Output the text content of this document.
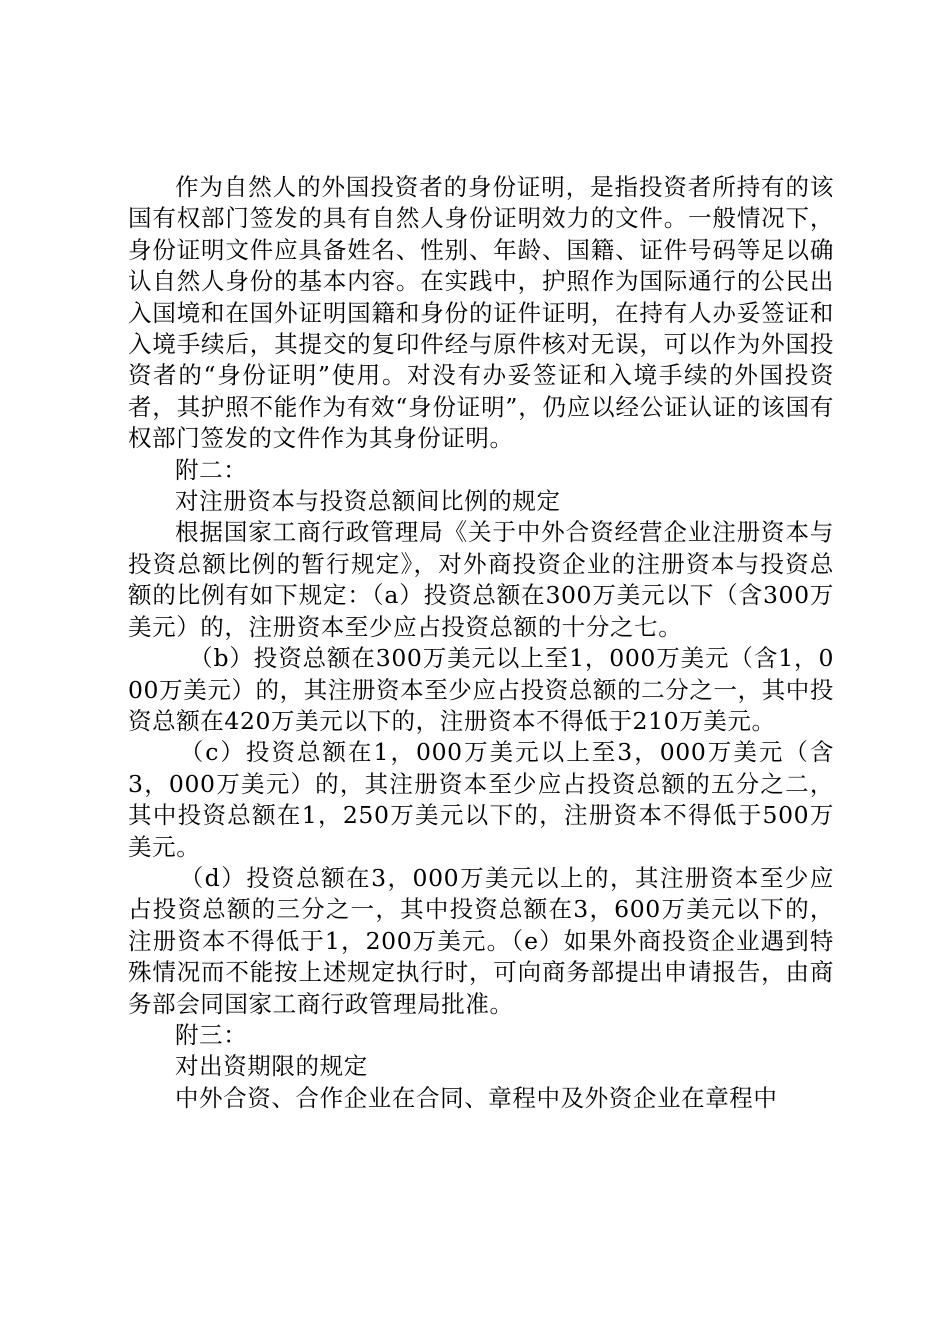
作为自然人的外国投资者的身份证明，是指投资者所持有的该国有权部门签发的具有自然人身份证明效力的文件。一般情况下，身份证明文件应具备姓名、性别、年龄、国籍、证件号码等足以确认自然人身份的基本内容。在实践中，护照作为国际通行的公民出入国境和在国外证明国籍和身份的证件证明，在持有人办妥签证和入境手续后，其提交的复印件经与原件核对无误，可以作为外国投资者的“身份证明”使用。对没有办妥签证和入境手续的外国投资者，其护照不能作为有效“身份证明”，仍应以经公证认证的该国有权部门签发的文件作为其身份证明。

附二：

对注册资本与投资总额间比例的规定

根据国家工商行政管理局《关于中外合资经营企业注册资本与投资总额比例的暂行规定》，对外商投资企业的注册资本与投资总额的比例有如下规定：（a）投资总额在300万美元以下（含300万美元）的，注册资本至少应占投资总额的十分之七。

（b）投资总额在300万美元以上至1，000万美元（含1，000万美元）的，其注册资本至少应占投资总额的二分之一，其中投资总额在420万美元以下的，注册资本不得低于210万美元。

（c）投资总额在1，000万美元以上至3，000万美元（含3，000万美元）的，其注册资本至少应占投资总额的五分之二，其中投资总额在1，250万美元以下的，注册资本不得低于500万美元。

（d）投资总额在3，000万美元以上的，其注册资本至少应占投资总额的三分之一，其中投资总额在3，600万美元以下的，注册资本不得低于1，200万美元。（e）如果外商投资企业遇到特殊情况而不能按上述规定执行时，可向商务部提出申请报告，由商务部会同国家工商行政管理局批准。

附三：

对出资期限的规定

中外合资、合作企业在合同、章程中及外资企业在章程中
